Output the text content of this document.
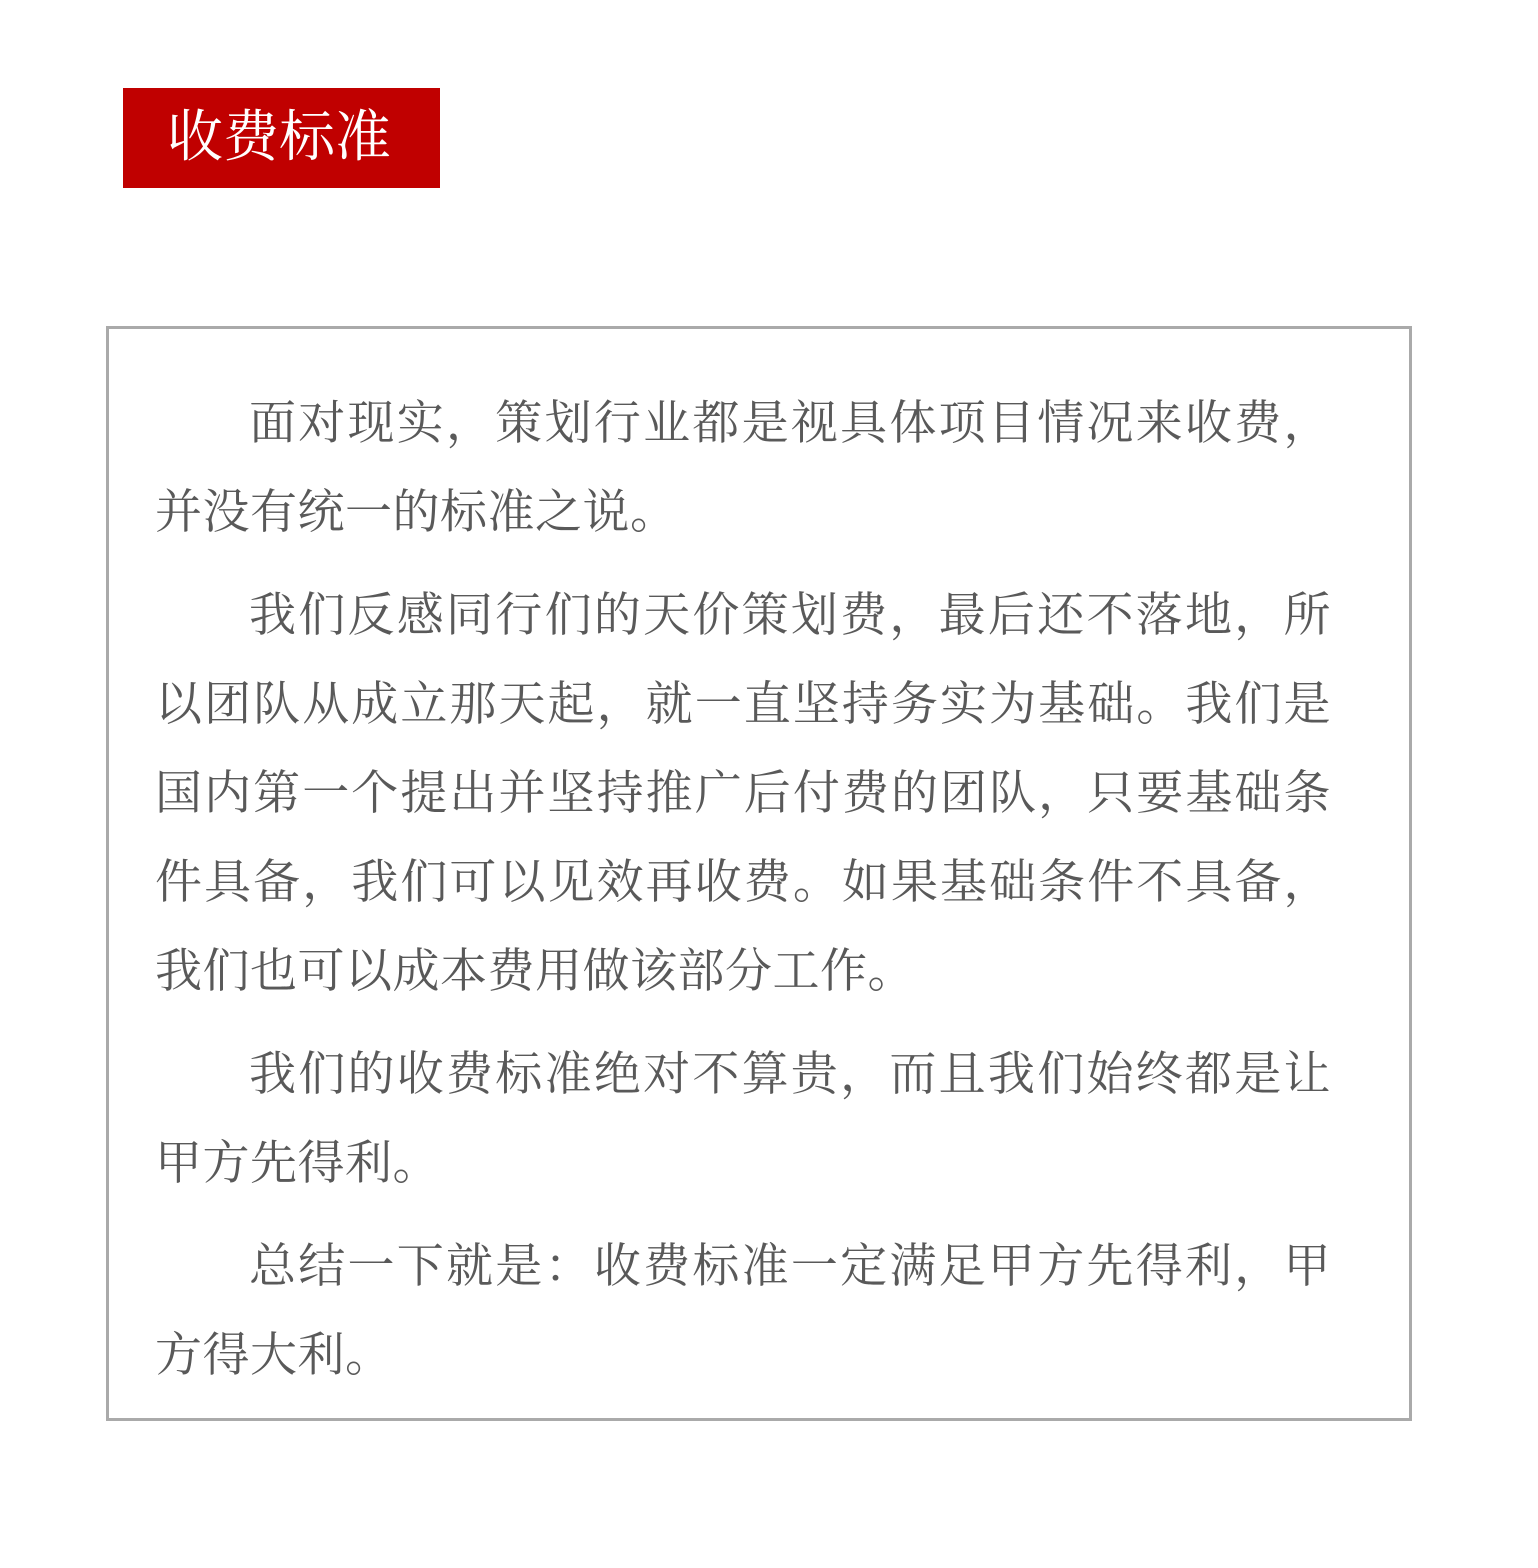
收费标准

面对现实，策划行业都是视具体项目情况来收费，并没有统一的标准之说。

我们反感同行们的天价策划费，最后还不落地，所以团队从成立那天起，就一直坚持务实为基础。我们是国内第一个提出并坚持推广后付费的团队，只要基础条件具备，我们可以见效再收费。如果基础条件不具备，我们也可以成本费用做该部分工作。

我们的收费标准绝对不算贵，而且我们始终都是让甲方先得利。

总结一下就是：收费标准一定满足甲方先得利，甲方得大利。
